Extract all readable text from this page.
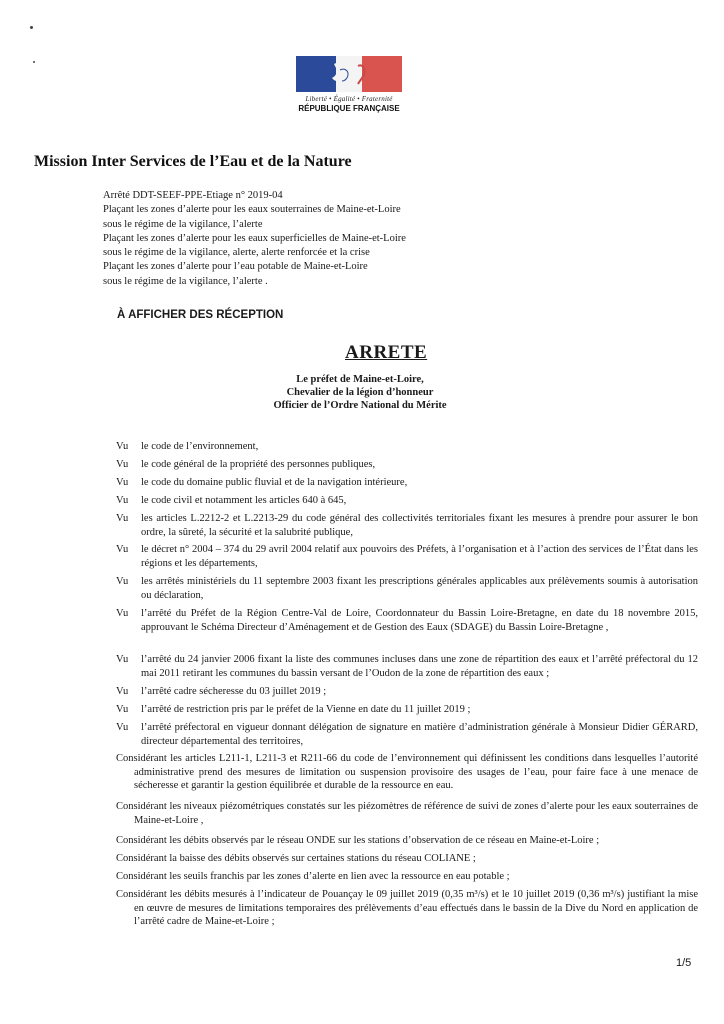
Liberté • Égalité • Fraternité
RÉPUBLIQUE FRANÇAISE
Mission Inter Services de l’Eau et de la Nature
Arrêté DDT-SEEF-PPE-Etiage n° 2019-04
Plaçant les zones d’alerte pour les eaux souterraines de Maine-et-Loire
sous le régime de la vigilance, l’alerte
Plaçant les zones d’alerte pour les eaux superficielles de Maine-et-Loire
sous le régime de la vigilance, alerte, alerte renforcée et la crise
Plaçant les zones d’alerte pour l’eau potable de Maine-et-Loire
sous le régime de la vigilance, l’alerte .
À AFFICHER DES RÉCEPTION
ARRETE
Le préfet de Maine-et-Loire,
Chevalier de la légion d’honneur
Officier de l’Ordre National du Mérite
Vu le code de l’environnement,
Vu le code général de la propriété des personnes publiques,
Vu le code du domaine public fluvial et de la navigation intérieure,
Vu le code civil et notamment les articles 640 à 645,
Vu les articles L.2212-2 et L.2213-29 du code général des collectivités territoriales fixant les mesures à prendre pour assurer le bon ordre, la sûreté, la sécurité et la salubrité publique,
Vu le décret n° 2004 – 374 du 29 avril 2004 relatif aux pouvoirs des Préfets, à l’organisation et à l’action des services de l’État dans les régions et les départements,
Vu les arrêtés ministériels du 11 septembre 2003 fixant les prescriptions générales applicables aux prélèvements soumis à autorisation ou déclaration,
Vu l’arrêté du Préfet de la Région Centre-Val de Loire, Coordonnateur du Bassin Loire-Bretagne, en date du 18 novembre 2015, approuvant le Schéma Directeur d’Aménagement et de Gestion des Eaux (SDAGE) du Bassin Loire-Bretagne ,
Vu l’arrêté du 24 janvier 2006 fixant la liste des communes incluses dans une zone de répartition des eaux et l’arrêté préfectoral du 12 mai 2011 retirant les communes du bassin versant de l’Oudon de la zone de répartition des eaux ;
Vu l’arrêté cadre sécheresse du 03 juillet 2019 ;
Vu l’arrêté de restriction pris par le préfet de la Vienne en date du 11 juillet 2019 ;
Vu l’arrêté préfectoral en vigueur donnant délégation de signature en matière d’administration générale à Monsieur Didier GÉRARD, directeur départemental des territoires,
Considérant les articles L211-1, L211-3 et R211-66 du code de l’environnement qui définissent les conditions dans lesquelles l’autorité administrative prend des mesures de limitation ou suspension provisoire des usages de l’eau, pour faire face à une menace de sécheresse et garantir la gestion équilibrée et durable de la ressource en eau.
Considérant les niveaux piézométriques constatés sur les piézomètres de référence de suivi de zones d’alerte pour les eaux souterraines de Maine-et-Loire ,
Considérant les débits observés par le réseau ONDE sur les stations d’observation de ce réseau en Maine-et-Loire ;
Considérant la baisse des débits observés sur certaines stations du réseau COLIANE ;
Considérant les seuils franchis par les zones d’alerte en lien avec la ressource en eau potable ;
Considérant les débits mesurés à l’indicateur de Pouançay le 09 juillet 2019 (0,35 m³/s) et le 10 juillet 2019 (0,36 m³/s) justifiant la mise en œuvre de mesures de limitations temporaires des prélèvements d’eau effectués dans le bassin de la Dive du Nord en application de l’arrêté cadre de Maine-et-Loire ;
1/5
